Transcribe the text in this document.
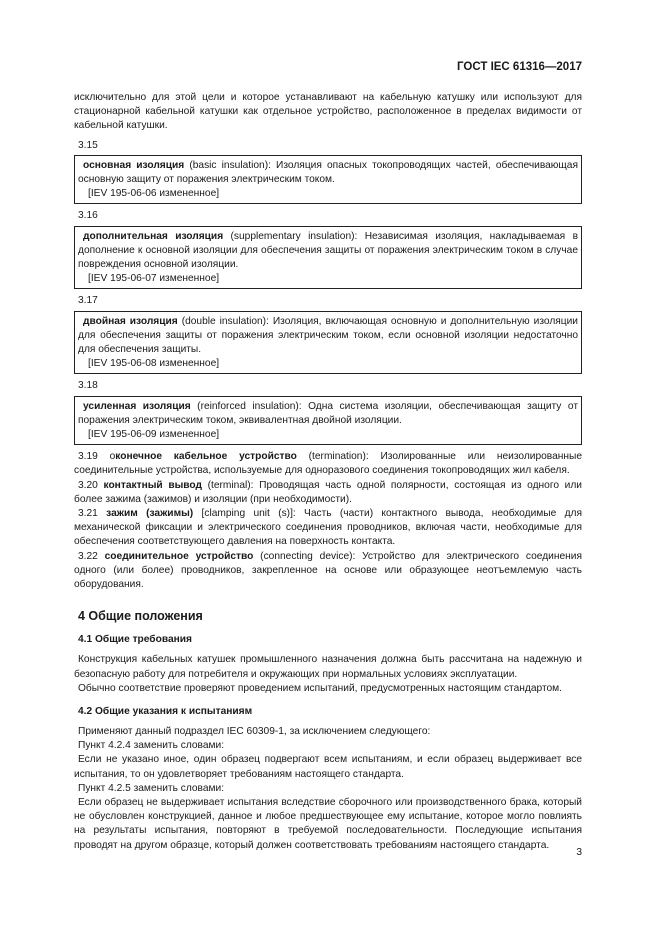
ГОСТ IEC 61316—2017

исключительно для этой цели и которое устанавливают на кабельную катушку или используют для стационарной кабельной катушки как отдельное устройство, расположенное в пределах видимости от кабельной катушки.

3.15

основная изоляция (basic insulation): Изоляция опасных токопроводящих частей, обеспечивающая основную защиту от поражения электрическим током.

[IEV 195-06-06 измененное]

3.16

дополнительная изоляция (supplementary insulation): Независимая изоляция, накладываемая в дополнение к основной изоляции для обеспечения защиты от поражения электрическим током в случае повреждения основной изоляции.

[IEV 195-06-07 измененное]

3.17

двойная изоляция (double insulation): Изоляция, включающая основную и дополнительную изоляции для обеспечения защиты от поражения электрическим током, если основной изоляции недостаточно для обеспечения защиты.

[IEV 195-06-08 измененное]

3.18

усиленная изоляция (reinforced insulation): Одна система изоляции, обеспечивающая защиту от поражения электрическим током, эквивалентная двойной изоляции.

[IEV 195-06-09 измененное]

3.19 оконечное кабельное устройство (termination): Изолированные или неизолированные соединительные устройства, используемые для одноразового соединения токопроводящих жил кабеля.

3.20 контактный вывод (terminal): Проводящая часть одной полярности, состоящая из одного или более зажима (зажимов) и изоляции (при необходимости).

3.21 зажим (зажимы) [clamping unit (s)]: Часть (части) контактного вывода, необходимые для механической фиксации и электрического соединения проводников, включая части, необходимые для обеспечения соответствующего давления на поверхность контакта.

3.22 соединительное устройство (connecting device): Устройство для электрического соединения одного (или более) проводников, закрепленное на основе или образующее неотъемлемую часть оборудования.

4 Общие положения
4.1 Общие требования

Конструкция кабельных катушек промышленного назначения должна быть рассчитана на надежную и безопасную работу для потребителя и окружающих при нормальных условиях эксплуатации.

Обычно соответствие проверяют проведением испытаний, предусмотренных настоящим стандартом.

4.2 Общие указания к испытаниям

Применяют данный подраздел IEC 60309-1, за исключением следующего:

Пункт 4.2.4 заменить словами:

Если не указано иное, один образец подвергают всем испытаниям, и если образец выдерживает все испытания, то он удовлетворяет требованиям настоящего стандарта.

Пункт 4.2.5 заменить словами:

Если образец не выдерживает испытания вследствие сборочного или производственного брака, который не обусловлен конструкцией, данное и любое предшествующее ему испытание, которое могло повлиять на результаты испытания, повторяют в требуемой последовательности. Последующие испытания проводят на другом образце, который должен соответствовать требованиям настоящего стандарта.

3
